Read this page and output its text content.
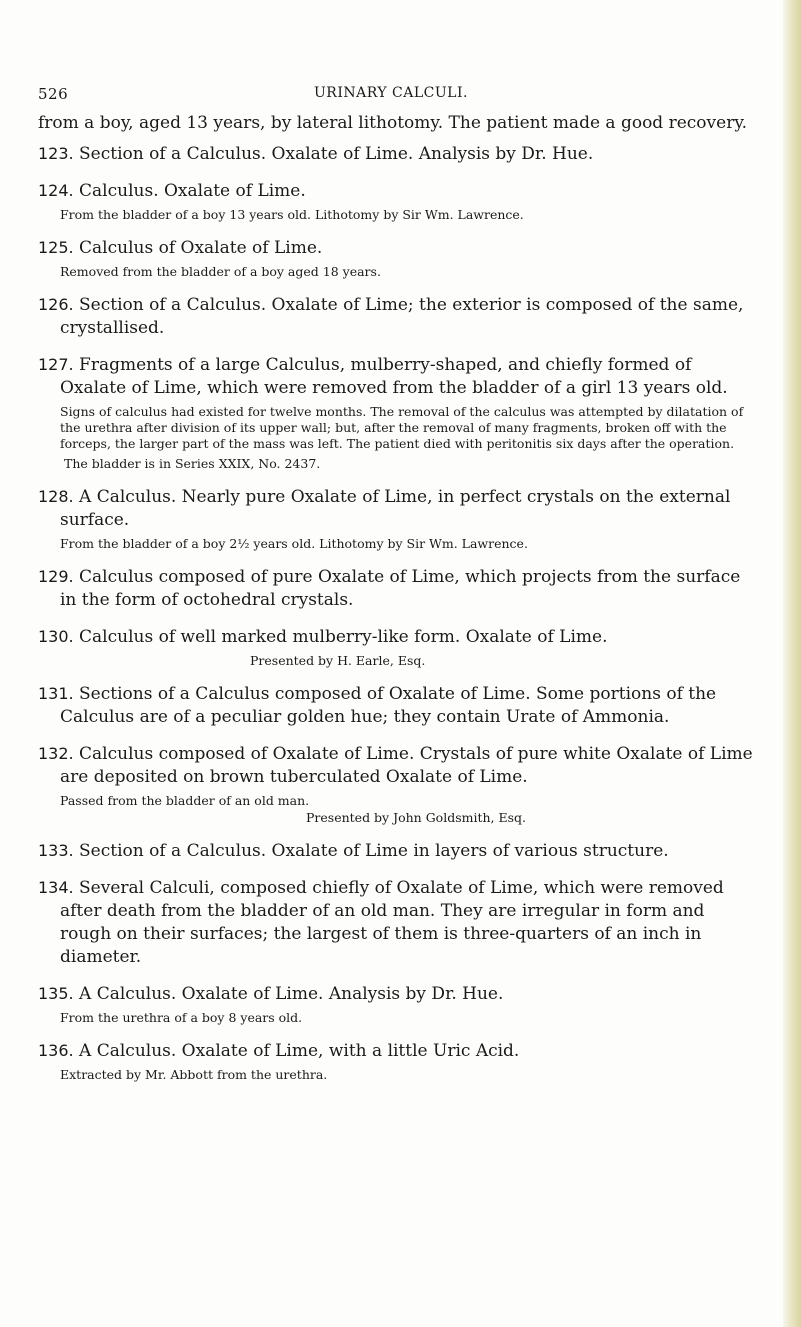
526	URINARY CALCULI.

from a boy, aged 13 years, by lateral lithotomy. The patient made a good recovery.

123. Section of a Calculus. Oxalate of Lime. Analysis by Dr. Hue.
124. Calculus. Oxalate of Lime.
From the bladder of a boy 13 years old. Lithotomy by Sir Wm. Lawrence.
125. Calculus of Oxalate of Lime.
Removed from the bladder of a boy aged 18 years.
126. Section of a Calculus. Oxalate of Lime; the exterior is composed of the same, crystallised.
127. Fragments of a large Calculus, mulberry-shaped, and chiefly formed of Oxalate of Lime, which were removed from the bladder of a girl 13 years old.
Signs of calculus had existed for twelve months. The removal of the calculus was attempted by dilatation of the urethra after division of its upper wall; but, after the removal of many fragments, broken off with the forceps, the larger part of the mass was left. The patient died with peritonitis six days after the operation.
The bladder is in Series XXIX, No. 2437.
128. A Calculus. Nearly pure Oxalate of Lime, in perfect crystals on the external surface.
From the bladder of a boy 2½ years old. Lithotomy by Sir Wm. Lawrence.
129. Calculus composed of pure Oxalate of Lime, which projects from the surface in the form of octohedral crystals.
130. Calculus of well marked mulberry-like form. Oxalate of Lime.
Presented by H. Earle, Esq.
131. Sections of a Calculus composed of Oxalate of Lime. Some portions of the Calculus are of a peculiar golden hue; they contain Urate of Ammonia.
132. Calculus composed of Oxalate of Lime. Crystals of pure white Oxalate of Lime are deposited on brown tuberculated Oxalate of Lime.
Passed from the bladder of an old man.
Presented by John Goldsmith, Esq.
133. Section of a Calculus. Oxalate of Lime in layers of various structure.
134. Several Calculi, composed chiefly of Oxalate of Lime, which were removed after death from the bladder of an old man. They are irregular in form and rough on their surfaces; the largest of them is three-quarters of an inch in diameter.
135. A Calculus. Oxalate of Lime. Analysis by Dr. Hue.
From the urethra of a boy 8 years old.
136. A Calculus. Oxalate of Lime, with a little Uric Acid.
Extracted by Mr. Abbott from the urethra.
